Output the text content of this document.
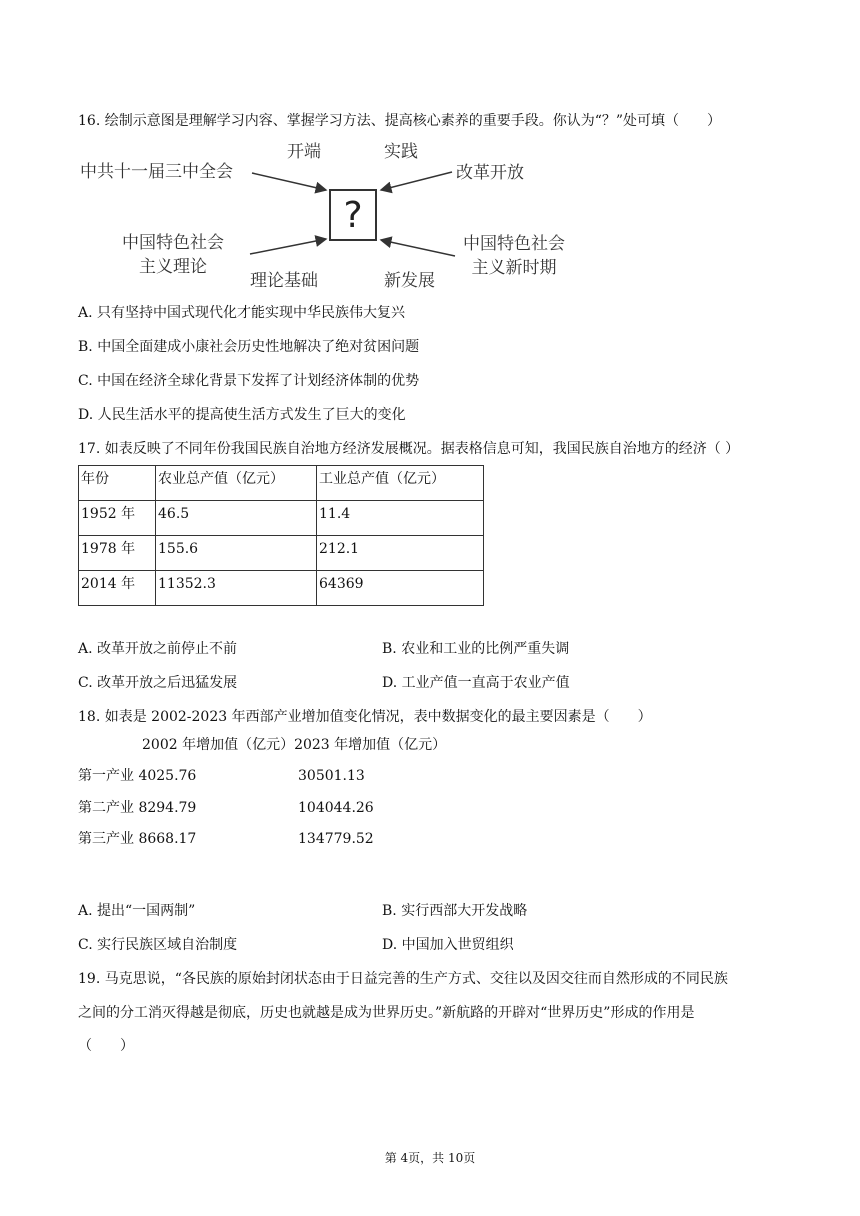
16. 绘制示意图是理解学习内容、掌握学习方法、提高核心素养的重要手段。你认为“？”处可填（　　）
?
开端	实践
中共十一届三中全会	改革开放
中国特色社会
主义理论
理论基础	新发展
中国特色社会
主义新时期
A. 只有坚持中国式现代化才能实现中华民族伟大复兴
B. 中国全面建成小康社会历史性地解决了绝对贫困问题
C. 中国在经济全球化背景下发挥了计划经济体制的优势
D. 人民生活水平的提高使生活方式发生了巨大的变化
17. 如表反映了不同年份我国民族自治地方经济发展概况。据表格信息可知，我国民族自治地方的经济（ ）
年份	农业总产值（亿元）	工业总产值（亿元）
1952 年	46.5	11.4
1978 年	155.6	212.1
2014 年	11352.3	64369
A. 改革开放之前停止不前	B. 农业和工业的比例严重失调
C. 改革开放之后迅猛发展	D. 工业产值一直高于农业产值
18. 如表是 2002-2023 年西部产业增加值变化情况，表中数据变化的最主要因素是（　　）
2002 年增加值（亿元）2023 年增加值（亿元）
第一产业 4025.76	30501.13
第二产业 8294.79	104044.26
第三产业 8668.17	134779.52
A. 提出“一国两制”	B. 实行西部大开发战略
C. 实行民族区域自治制度	D. 中国加入世贸组织
19. 马克思说，“各民族的原始封闭状态由于日益完善的生产方式、交往以及因交往而自然形成的不同民族
之间的分工消灭得越是彻底，历史也就越是成为世界历史。”新航路的开辟对“世界历史”形成的作用是
（　　）
第 4页，共 10页
